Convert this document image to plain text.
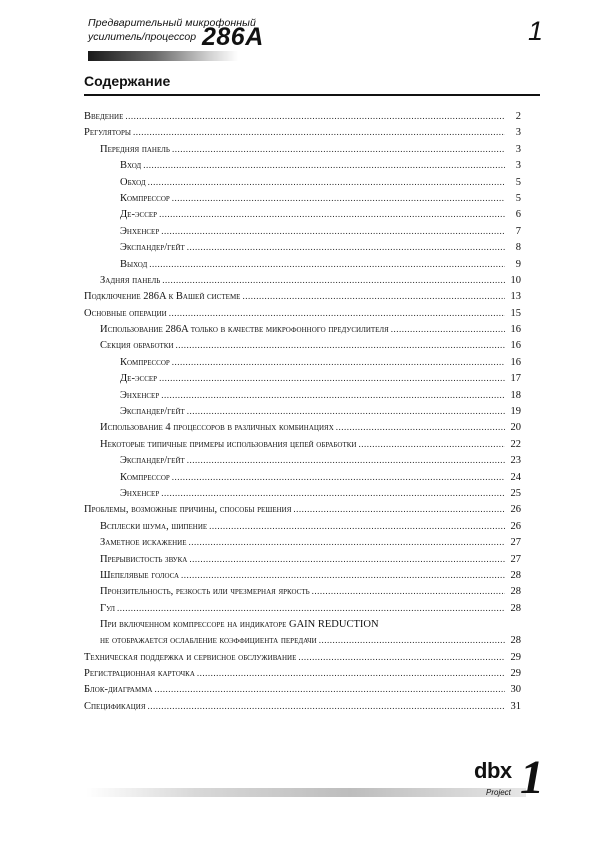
Предварительный микрофонный
усилитель/процессор 286A	1
Содержание
Введение .....	2
Регуляторы .....	3
Передняя панель .....	3
Вход .....	3
Обход .....	5
Компрессор .....	5
Де-эссер .....	6
Энхенсер .....	7
Экспандер/гейт .....	8
Выход .....	9
Задняя панель .....	10
Подключение 286A к Вашей системе .....	13
Основные операции .....	15
Использование 286A только в качестве микрофонного предусилителя .....	16
Секция обработки .....	16
Компрессор .....	16
Де-эссер .....	17
Энхенсер .....	18
Экспандер/гейт .....	19
Использование 4 процессоров в различных комбинациях .....	20
Некоторые типичные примеры использования цепей обработки .....	22
Экспандер/гейт .....	23
Компрессор .....	24
Энхенсер .....	25
Проблемы, возможные причины, способы решения .....	26
Всплески шума, шипение .....	26
Заметное искажение .....	27
Прерывистость звука .....	27
Шепелявые голоса .....	28
Пронзительность, резкость или чрезмерная яркость .....	28
Гул .....	28
При включенном компрессоре на индикаторе GAIN REDUCTION
не отображается ослабление коэффициента передачи .....	28
Техническая поддержка и сервисное обслуживание .....	29
Регистрационная карточка .....	29
Блок-диаграмма .....	30
Спецификация .....	31
dbx 1
Project
